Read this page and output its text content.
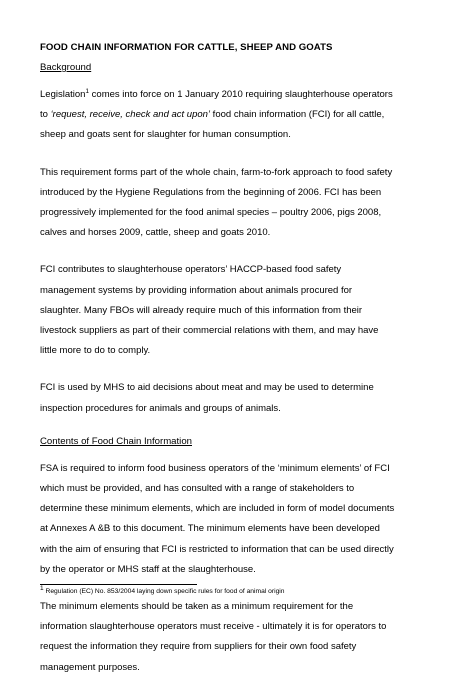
FOOD CHAIN INFORMATION FOR CATTLE, SHEEP AND GOATS
Background

Legislation$^1$ comes into force on 1 January 2010 requiring slaughterhouse operators to ‘request, receive, check and act upon’ food chain information (FCI) for all cattle, sheep and goats sent for slaughter for human consumption.

This requirement forms part of the whole chain, farm-to-fork approach to food safety introduced by the Hygiene Regulations from the beginning of 2006. FCI has been progressively implemented for the food animal species – poultry 2006, pigs 2008, calves and horses 2009, cattle, sheep and goats 2010.

FCI contributes to slaughterhouse operators’ HACCP-based food safety management systems by providing information about animals procured for slaughter. Many FBOs will already require much of this information from their livestock suppliers as part of their commercial relations with them, and may have little more to do to comply.

FCI is used by MHS to aid decisions about meat and may be used to determine inspection procedures for animals and groups of animals.

Contents of Food Chain Information

FSA is required to inform food business operators of the ‘minimum elements’ of FCI which must be provided, and has consulted with a range of stakeholders to determine these minimum elements, which are included in form of model documents at Annexes A &B to this document. The minimum elements have been developed with the aim of ensuring that FCI is restricted to information that can be used directly by the operator or MHS staff at the slaughterhouse.

The minimum elements should be taken as a minimum requirement for the information slaughterhouse operators must receive - ultimately it is for operators to request the information they require from suppliers for their own food safety management purposes.

$^1$ Regulation (EC) No. 853/2004 laying down specific rules for food of animal origin
